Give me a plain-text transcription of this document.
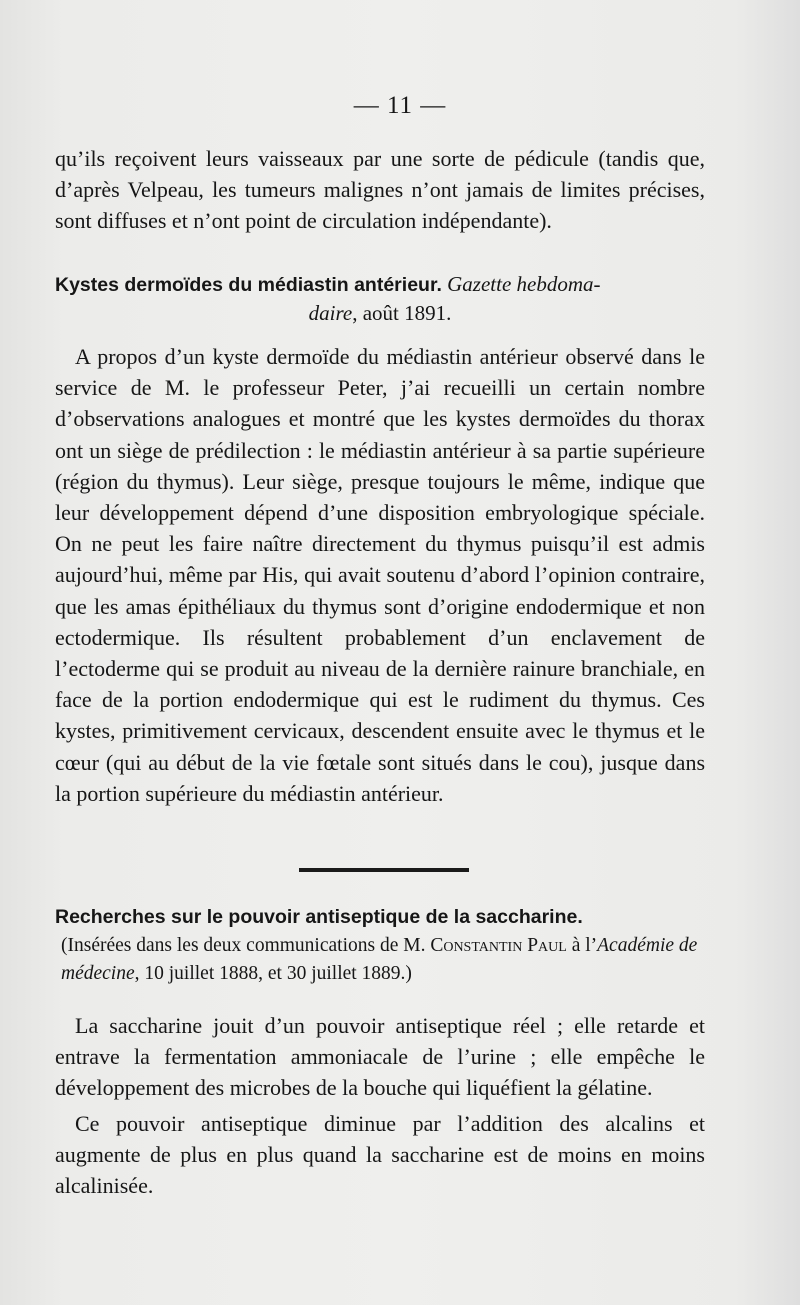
— 11 —

qu’ils reçoivent leurs vaisseaux par une sorte de pédicule (tandis que, d’après Velpeau, les tumeurs malignes n’ont jamais de limites précises, sont diffuses et n’ont point de circulation indépendante).

Kystes dermoïdes du médiastin antérieur. Gazette hebdoma-

daire, août 1891.

A propos d’un kyste dermoïde du médiastin antérieur observé dans le service de M. le professeur Peter, j’ai recueilli un certain nombre d’observations analogues et montré que les kystes dermoïdes du thorax ont un siège de prédilection : le médiastin antérieur à sa partie supérieure (région du thymus). Leur siège, presque toujours le même, indique que leur développement dépend d’une disposition embryologique spéciale. On ne peut les faire naître directement du thymus puisqu’il est admis aujourd’hui, même par His, qui avait soutenu d’abord l’opinion contraire, que les amas épithéliaux du thymus sont d’origine endodermique et non ectodermique. Ils résultent probablement d’un enclavement de l’ectoderme qui se produit au niveau de la dernière rainure branchiale, en face de la portion endodermique qui est le rudiment du thymus. Ces kystes, primitivement cervicaux, descendent ensuite avec le thymus et le cœur (qui au début de la vie fœtale sont situés dans le cou), jusque dans la portion supérieure du médiastin antérieur.

Recherches sur le pouvoir antiseptique de la saccharine.

(Insérées dans les deux communications de M. Constantin Paul à l’Académie de médecine, 10 juillet 1888, et 30 juillet 1889.)

La saccharine jouit d’un pouvoir antiseptique réel ; elle retarde et entrave la fermentation ammoniacale de l’urine ; elle empêche le développement des microbes de la bouche qui liquéfient la gélatine.

Ce pouvoir antiseptique diminue par l’addition des alcalins et augmente de plus en plus quand la saccharine est de moins en moins alcalinisée.
